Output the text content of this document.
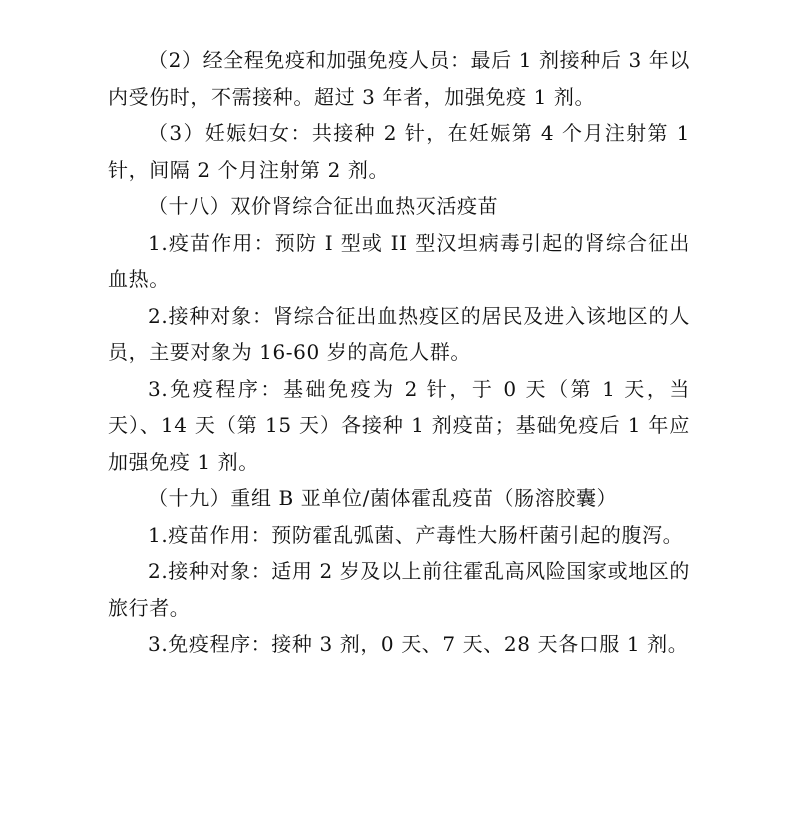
（2）经全程免疫和加强免疫人员：最后 1 剂接种后 3 年以内受伤时，不需接种。超过 3 年者，加强免疫 1 剂。

（3）妊娠妇女：共接种 2 针，在妊娠第 4 个月注射第 1 针，间隔 2 个月注射第 2 剂。

（十八）双价肾综合征出血热灭活疫苗

1.疫苗作用：预防 I 型或 II 型汉坦病毒引起的肾综合征出血热。

2.接种对象：肾综合征出血热疫区的居民及进入该地区的人员，主要对象为 16-60 岁的高危人群。

3.免疫程序：基础免疫为 2 针，于 0 天（第 1 天，当天）、14 天（第 15 天）各接种 1 剂疫苗；基础免疫后 1 年应加强免疫 1 剂。

（十九）重组 B 亚单位/菌体霍乱疫苗（肠溶胶囊）

1.疫苗作用：预防霍乱弧菌、产毒性大肠杆菌引起的腹泻。

2.接种对象：适用 2 岁及以上前往霍乱高风险国家或地区的旅行者。

3.免疫程序：接种 3 剂，0 天、7 天、28 天各口服 1 剂。
